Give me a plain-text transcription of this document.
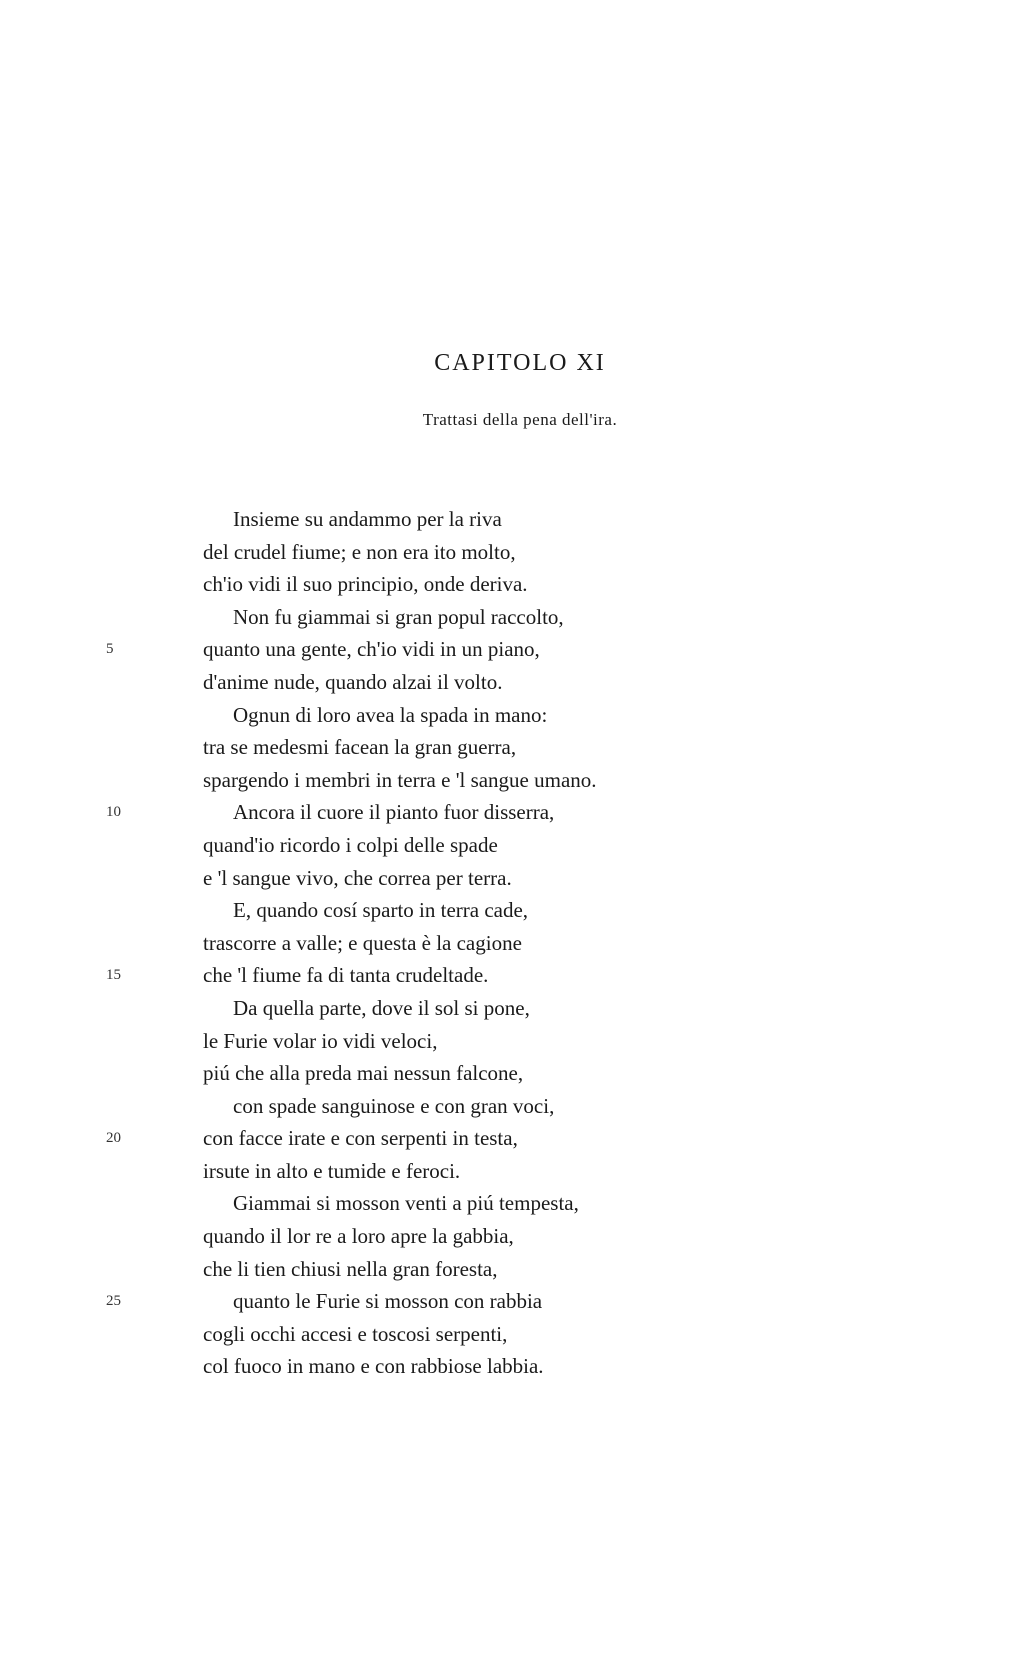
CAPITOLO XI
Trattasi della pena dell'ira.
Insieme su andammo per la riva
del crudel fiume; e non era ito molto,
ch'io vidi il suo principio, onde deriva.
Non fu giammai si gran popul raccolto,
5	quanto una gente, ch'io vidi in un piano,
d'anime nude, quando alzai il volto.
Ognun di loro avea la spada in mano:
tra se medesmi facean la gran guerra,
spargendo i membri in terra e 'l sangue umano.
10	Ancora il cuore il pianto fuor disserra,
quand'io ricordo i colpi delle spade
e 'l sangue vivo, che correa per terra.
E, quando cosí sparto in terra cade,
trascorre a valle; e questa è la cagione
15	che 'l fiume fa di tanta crudeltade.
Da quella parte, dove il sol si pone,
le Furie volar io vidi veloci,
piú che alla preda mai nessun falcone,
con spade sanguinose e con gran voci,
20	con facce irate e con serpenti in testa,
irsute in alto e tumide e feroci.
Giammai si mosson venti a piú tempesta,
quando il lor re a loro apre la gabbia,
che li tien chiusi nella gran foresta,
25	quanto le Furie si mosson con rabbia
cogli occhi accesi e toscosi serpenti,
col fuoco in mano e con rabbiose labbia.
